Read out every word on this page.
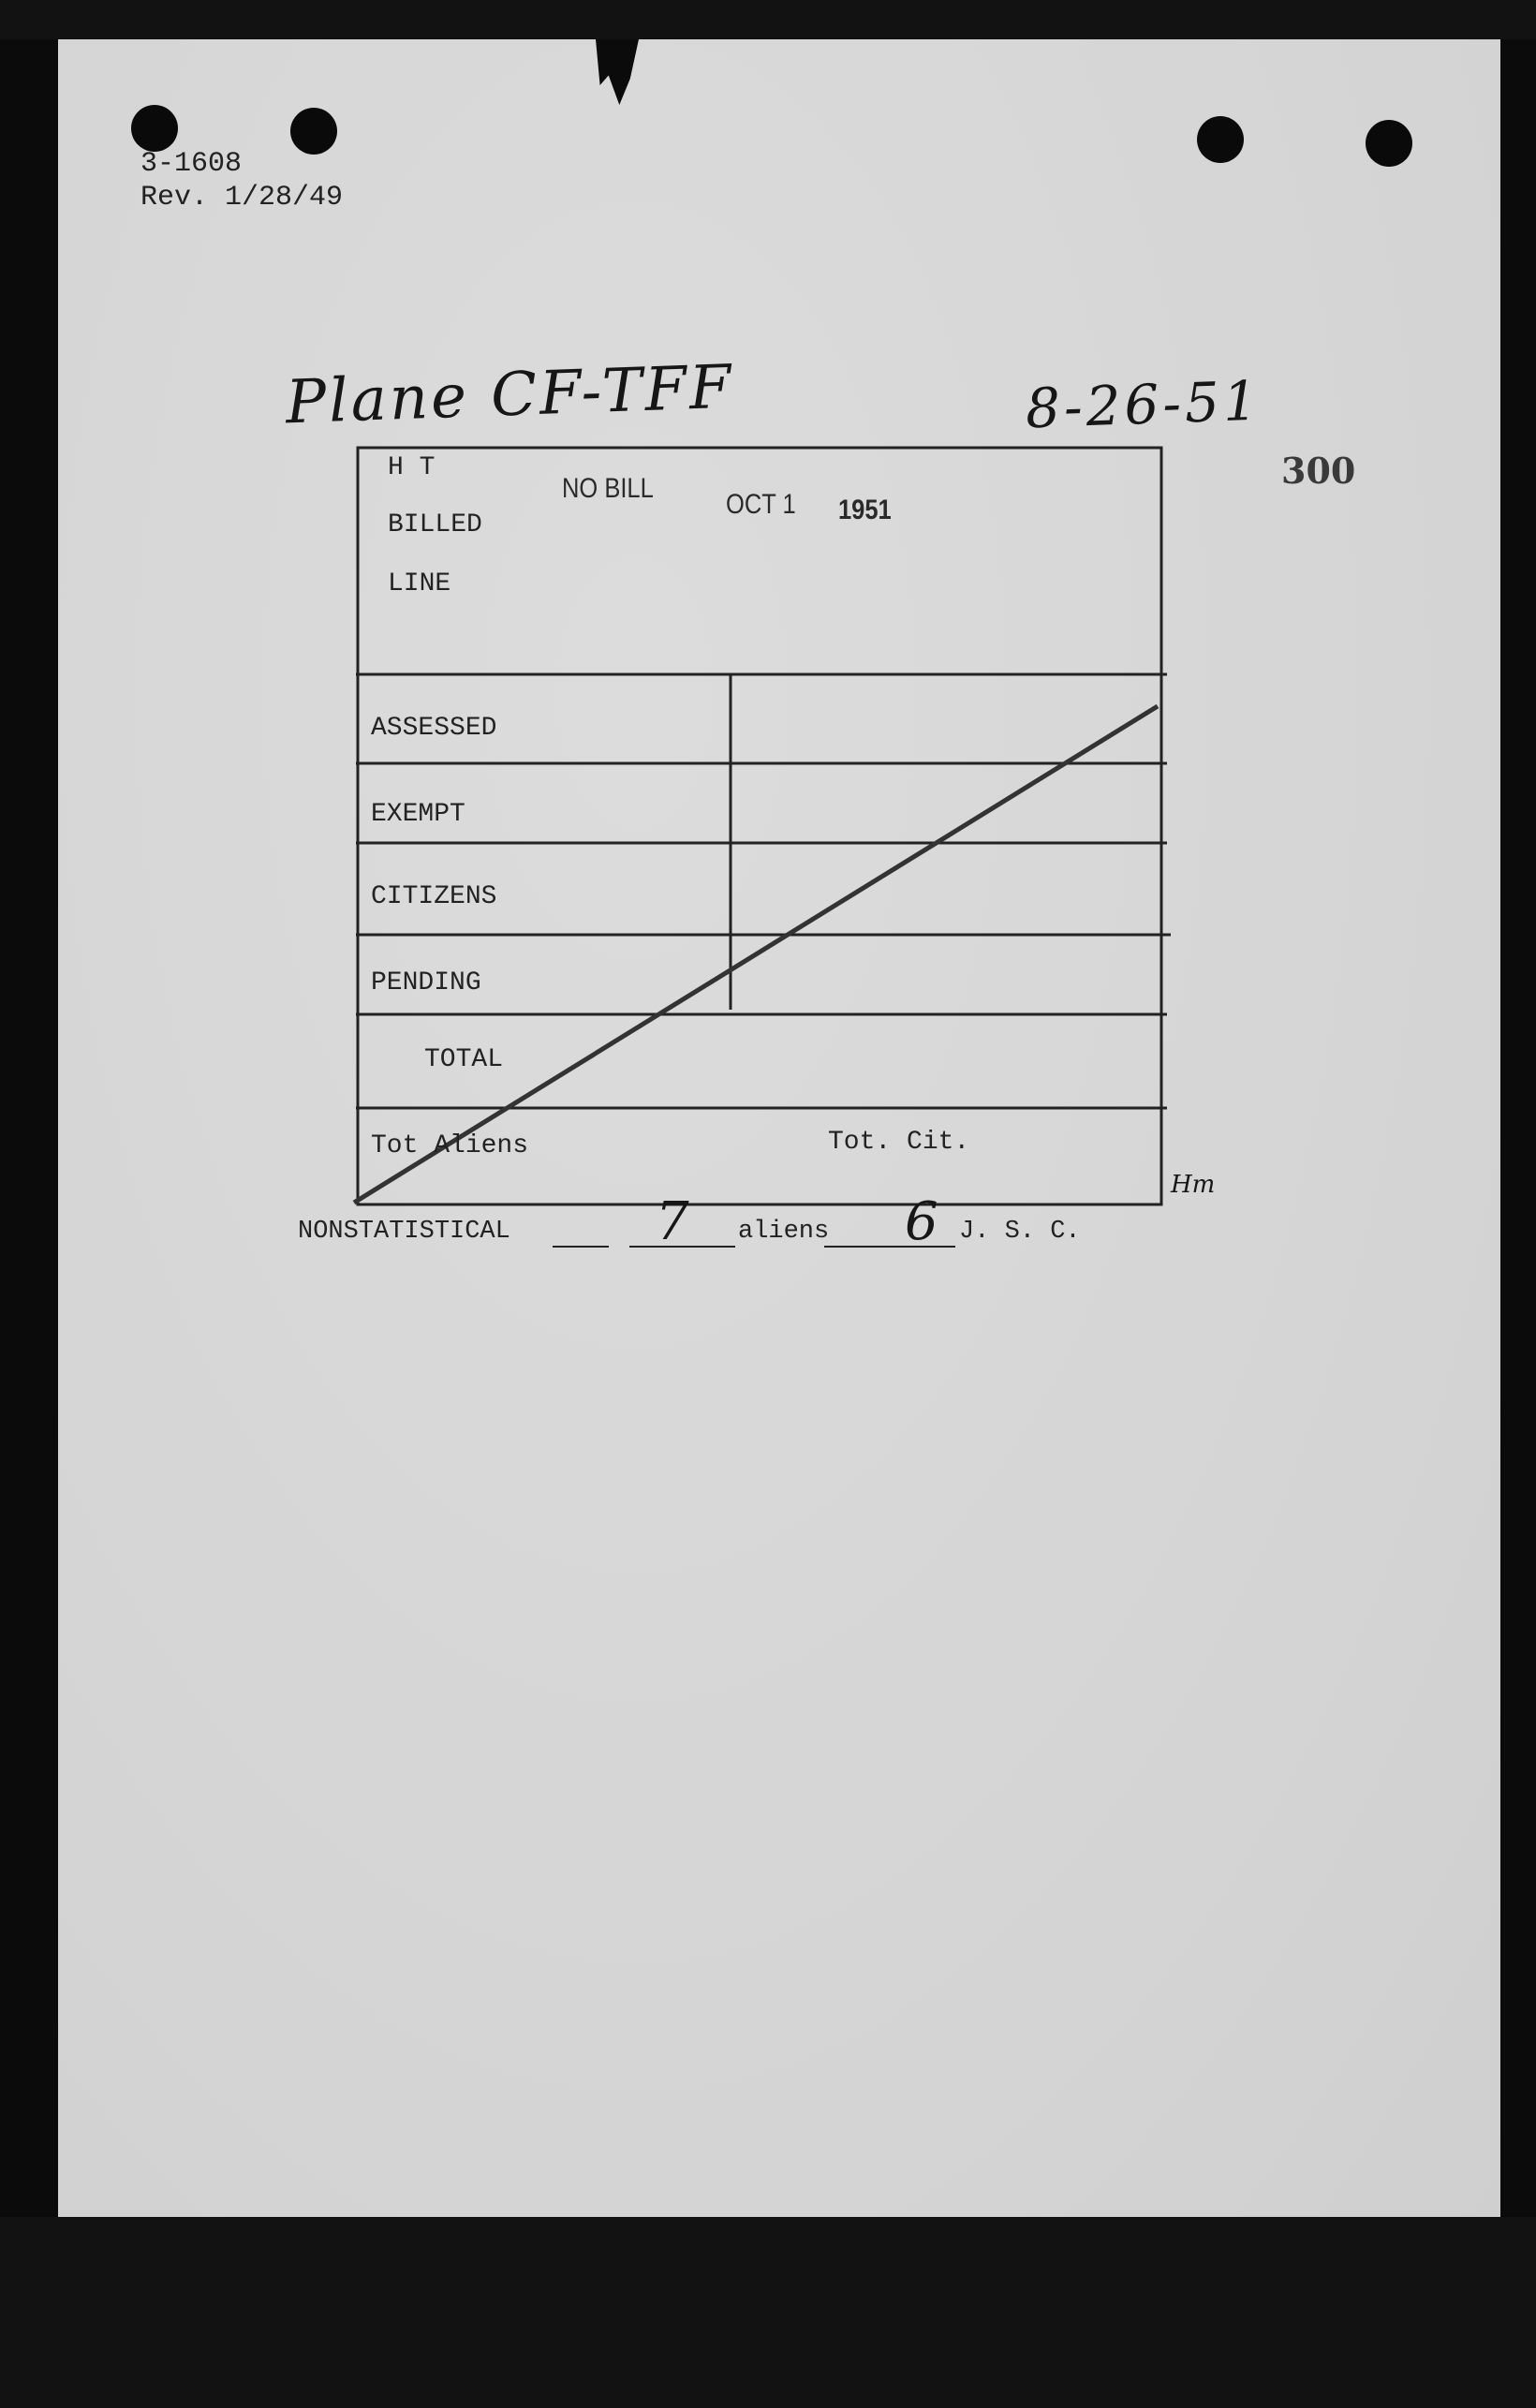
3-1608
Rev. 1/28/49
Plane CF-TFF	8-26-51
300
H T
BILLED
LINE
NO BILL
OCT 1 1951
ASSESSED
EXEMPT
CITIZENS
PENDING
TOTAL
Tot Aliens	Tot. Cit.
Hm
NONSTATISTICAL	7 aliens 6 J. S. C.
